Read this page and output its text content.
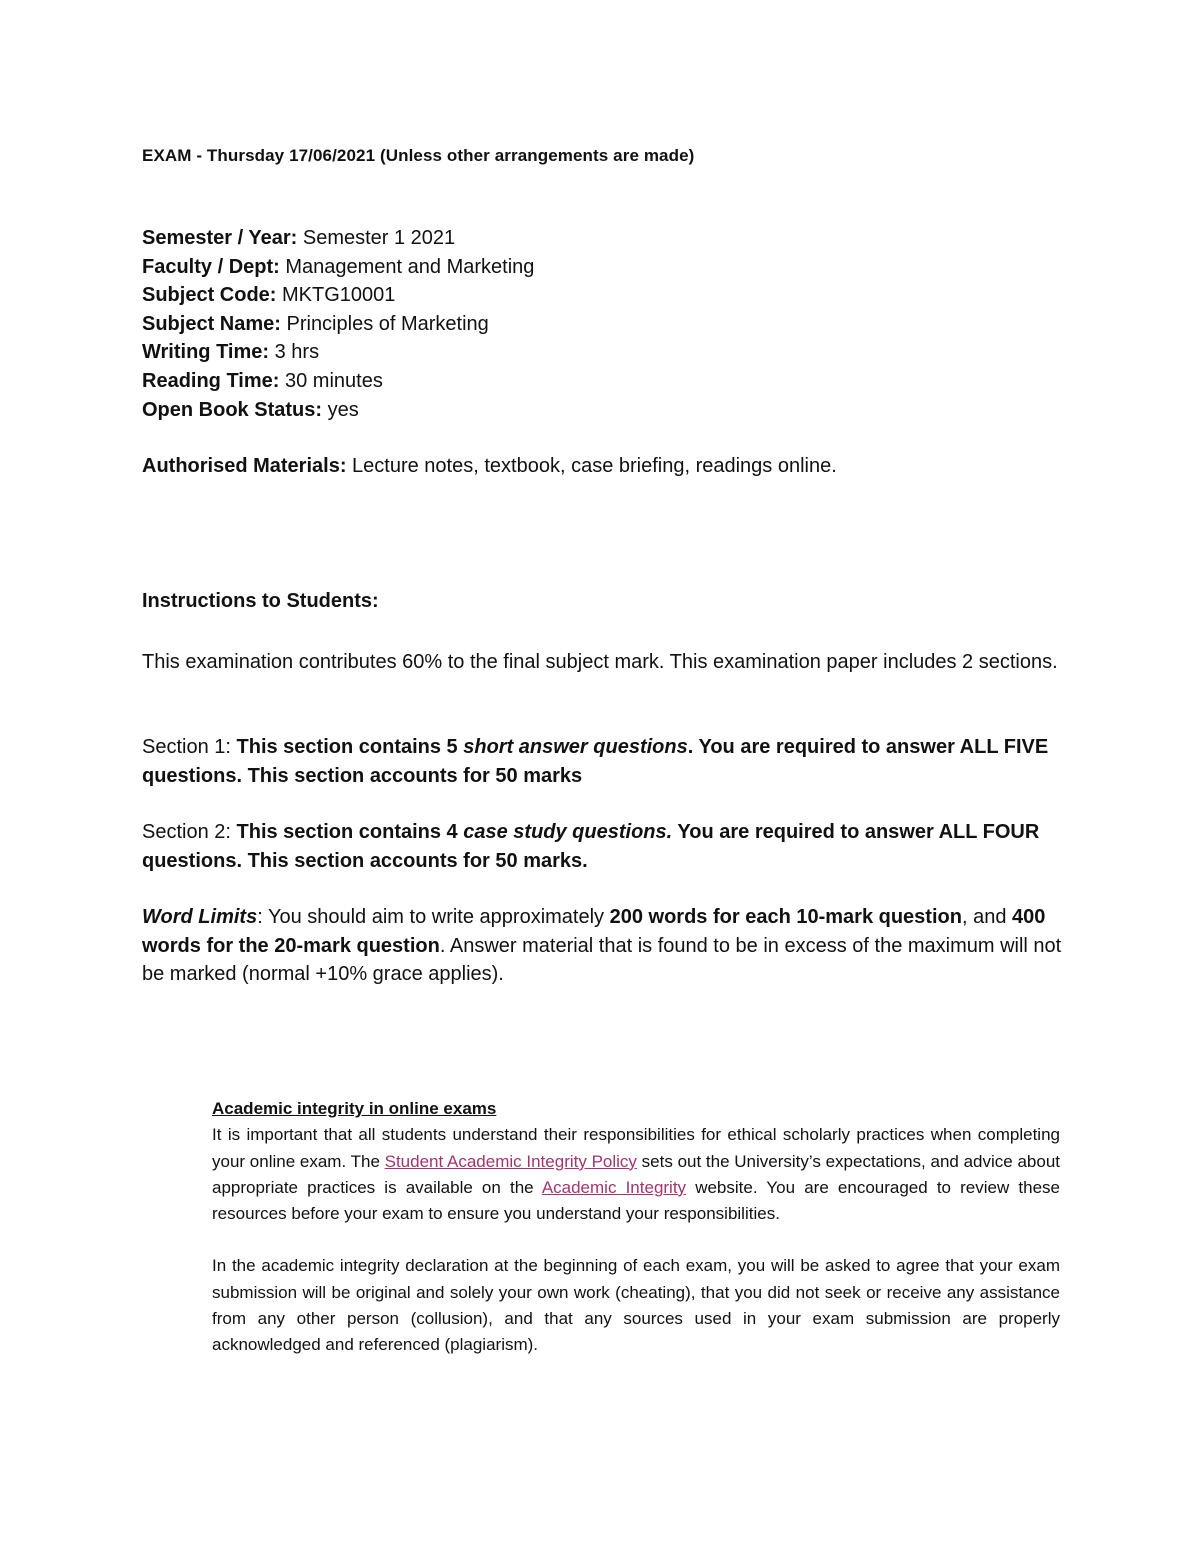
EXAM - Thursday 17/06/2021 (Unless other arrangements are made)
Semester / Year: Semester 1 2021
Faculty / Dept: Management and Marketing
Subject Code: MKTG10001
Subject Name: Principles of Marketing
Writing Time: 3 hrs
Reading Time: 30 minutes
Open Book Status: yes
Authorised Materials: Lecture notes, textbook, case briefing, readings online.
Instructions to Students:
This examination contributes 60% to the final subject mark. This examination paper includes 2 sections.
Section 1: This section contains 5 short answer questions. You are required to answer ALL FIVE questions. This section accounts for 50 marks
Section 2: This section contains 4 case study questions. You are required to answer ALL FOUR questions. This section accounts for 50 marks.
Word Limits: You should aim to write approximately 200 words for each 10-mark question, and 400 words for the 20-mark question. Answer material that is found to be in excess of the maximum will not be marked (normal +10% grace applies).
Academic integrity in online exams

It is important that all students understand their responsibilities for ethical scholarly practices when completing your online exam. The Student Academic Integrity Policy sets out the University’s expectations, and advice about appropriate practices is available on the Academic Integrity website. You are encouraged to review these resources before your exam to ensure you understand your responsibilities.

In the academic integrity declaration at the beginning of each exam, you will be asked to agree that your exam submission will be original and solely your own work (cheating), that you did not seek or receive any assistance from any other person (collusion), and that any sources used in your exam submission are properly acknowledged and referenced (plagiarism).
